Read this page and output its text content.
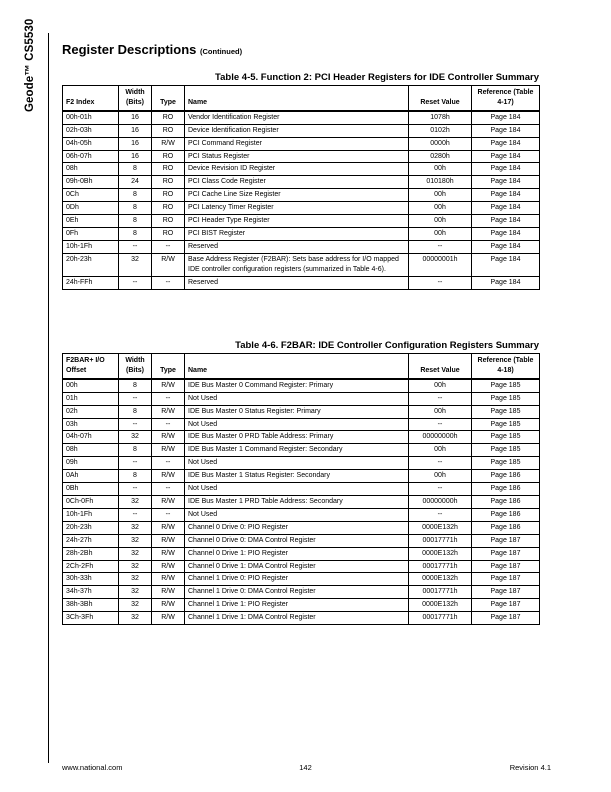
Geode™ CS5530 Register Descriptions (Continued)
Table 4-5. Function 2: PCI Header Registers for IDE Controller Summary
F2 Index	Width (Bits)	Type	Name	Reset Value	Reference (Table 4-17)
00h-01h	16	RO	Vendor Identification Register	1078h	Page 184
02h-03h	16	RO	Device Identification Register	0102h	Page 184
04h-05h	16	R/W	PCI Command Register	0000h	Page 184
06h-07h	16	RO	PCI Status Register	0280h	Page 184
08h	8	RO	Device Revision ID Register	00h	Page 184
09h-0Bh	24	RO	PCI Class Code Register	010180h	Page 184
0Ch	8	RO	PCI Cache Line Size Register	00h	Page 184
0Dh	8	RO	PCI Latency Timer Register	00h	Page 184
0Eh	8	RO	PCI Header Type Register	00h	Page 184
0Fh	8	RO	PCI BIST Register	00h	Page 184
10h-1Fh	--	--	Reserved	--	Page 184
20h-23h	32	R/W	Base Address Register (F2BAR): Sets base address for I/O mapped IDE controller configuration registers (summarized in Table 4-6).	00000001h	Page 184
24h-FFh	--	--	Reserved	--	Page 184
Table 4-6. F2BAR: IDE Controller Configuration Registers Summary
F2BAR+ I/O Offset	Width (Bits)	Type	Name	Reset Value	Reference (Table 4-18)
00h	8	R/W	IDE Bus Master 0 Command Register: Primary	00h	Page 185
01h	--	--	Not Used	--	Page 185
02h	8	R/W	IDE Bus Master 0 Status Register: Primary	00h	Page 185
03h	--	--	Not Used	--	Page 185
04h-07h	32	R/W	IDE Bus Master 0 PRD Table Address: Primary	00000000h	Page 185
08h	8	R/W	IDE Bus Master 1 Command Register: Secondary	00h	Page 185
09h	--	--	Not Used	--	Page 185
0Ah	8	R/W	IDE Bus Master 1 Status Register: Secondary	00h	Page 186
0Bh	--	--	Not Used	--	Page 186
0Ch-0Fh	32	R/W	IDE Bus Master 1 PRD Table Address: Secondary	00000000h	Page 186
10h-1Fh	--	--	Not Used	--	Page 186
20h-23h	32	R/W	Channel 0 Drive 0: PIO Register	0000E132h	Page 186
24h-27h	32	R/W	Channel 0 Drive 0: DMA Control Register	00017771h	Page 187
28h-2Bh	32	R/W	Channel 0 Drive 1: PIO Register	0000E132h	Page 187
2Ch-2Fh	32	R/W	Channel 0 Drive 1: DMA Control Register	00017771h	Page 187
30h-33h	32	R/W	Channel 1 Drive 0: PIO Register	0000E132h	Page 187
34h-37h	32	R/W	Channel 1 Drive 0: DMA Control Register	00017771h	Page 187
38h-3Bh	32	R/W	Channel 1 Drive 1: PIO Register	0000E132h	Page 187
3Ch-3Fh	32	R/W	Channel 1 Drive 1: DMA Control Register	00017771h	Page 187
www.national.com	142	Revision 4.1
